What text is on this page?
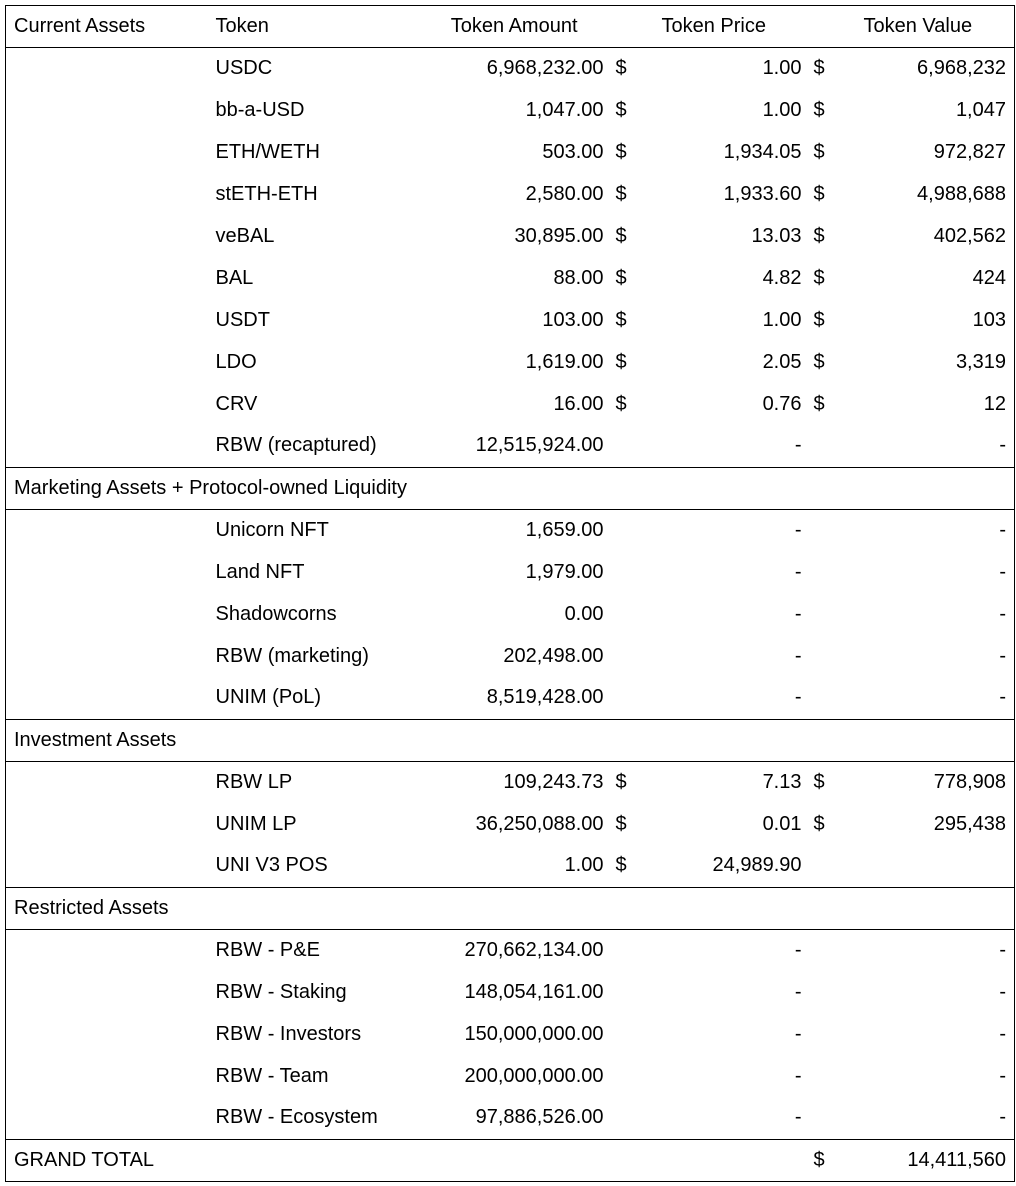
Current Assets	Token	Token Amount		Token Price		Token Value
	USDC	6,968,232.00	$	1.00	$	6,968,232
	bb-a-USD	1,047.00	$	1.00	$	1,047
	ETH/WETH	503.00	$	1,934.05	$	972,827
	stETH-ETH	2,580.00	$	1,933.60	$	4,988,688
	veBAL	30,895.00	$	13.03	$	402,562
	BAL	88.00	$	4.82	$	424
	USDT	103.00	$	1.00	$	103
	LDO	1,619.00	$	2.05	$	3,319
	CRV	16.00	$	0.76	$	12
	RBW (recaptured)	12,515,924.00		-		-
Marketing Assets + Protocol-owned Liquidity						
	Unicorn NFT	1,659.00		-		-
	Land NFT	1,979.00		-		-
	Shadowcorns	0.00		-		-
	RBW (marketing)	202,498.00		-		-
	UNIM (PoL)	8,519,428.00		-		-
Investment Assets						
	RBW LP	109,243.73	$	7.13	$	778,908
	UNIM LP	36,250,088.00	$	0.01	$	295,438
	UNI V3 POS	1.00	$	24,989.90		
Restricted Assets						
	RBW - P&E	270,662,134.00		-		-
	RBW - Staking	148,054,161.00		-		-
	RBW - Investors	150,000,000.00		-		-
	RBW - Team	200,000,000.00		-		-
	RBW - Ecosystem	97,886,526.00		-		-
GRAND TOTAL					$	14,411,560
